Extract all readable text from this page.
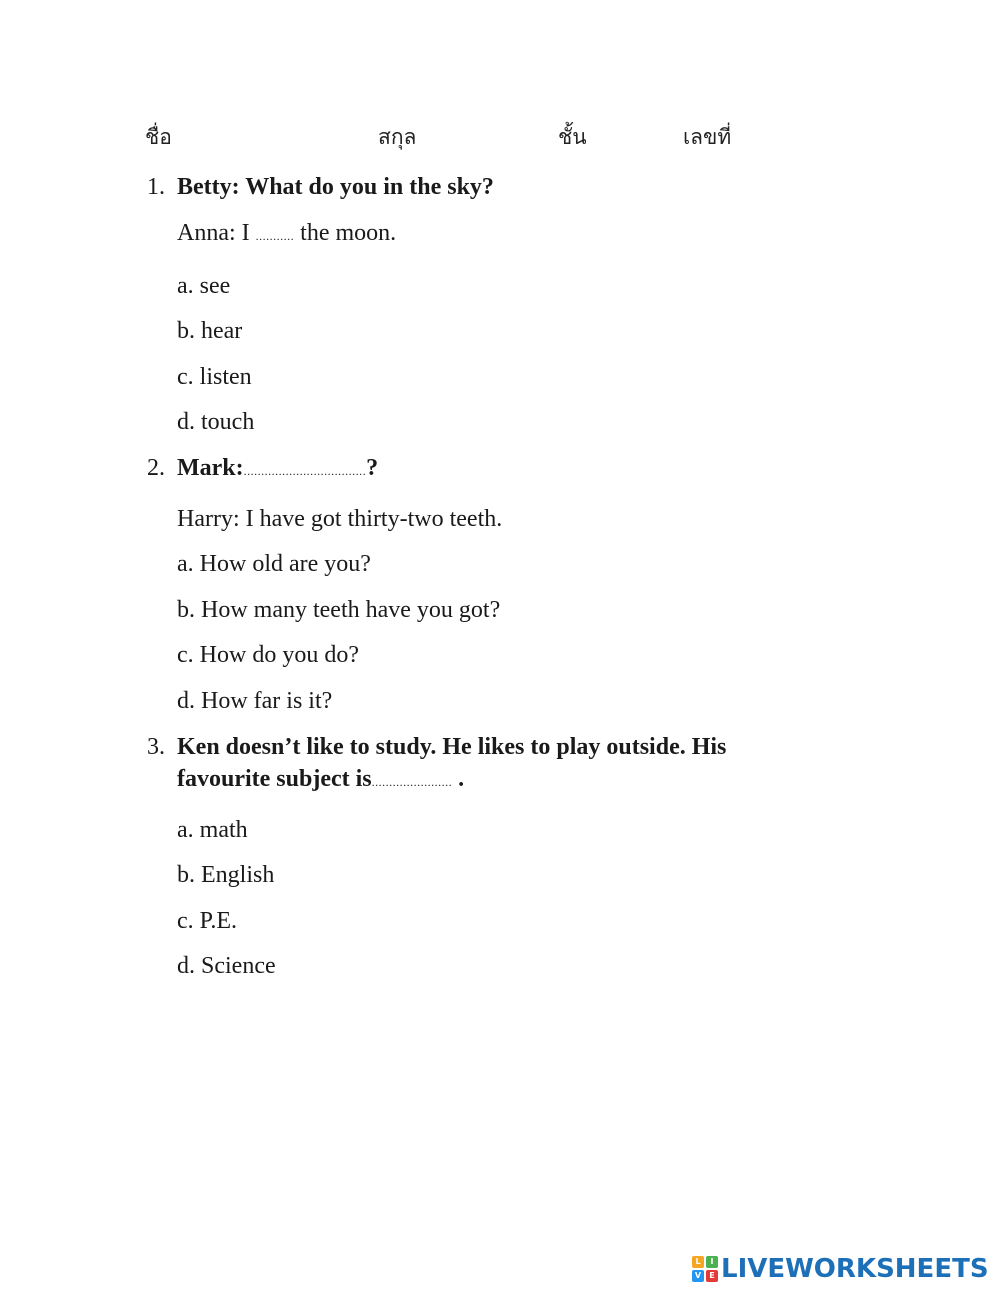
ชื่อ	สกุล	ชั้น	เลขที่
1. Betty: What do you in the sky?
Anna: I ........... the moon.
a. see
b. hear
c. listen
d. touch
2. Mark:...................................?
Harry: I have got thirty-two teeth.
a. How old are you?
b. How many teeth have you got?
c. How do you do?
d. How far is it?
3. Ken doesn’t like to study. He likes to play outside. His
favourite subject is....................... .
a. math
b. English
c. P.E.
d. Science
L	I
V	E LIVEWORKSHEETS
